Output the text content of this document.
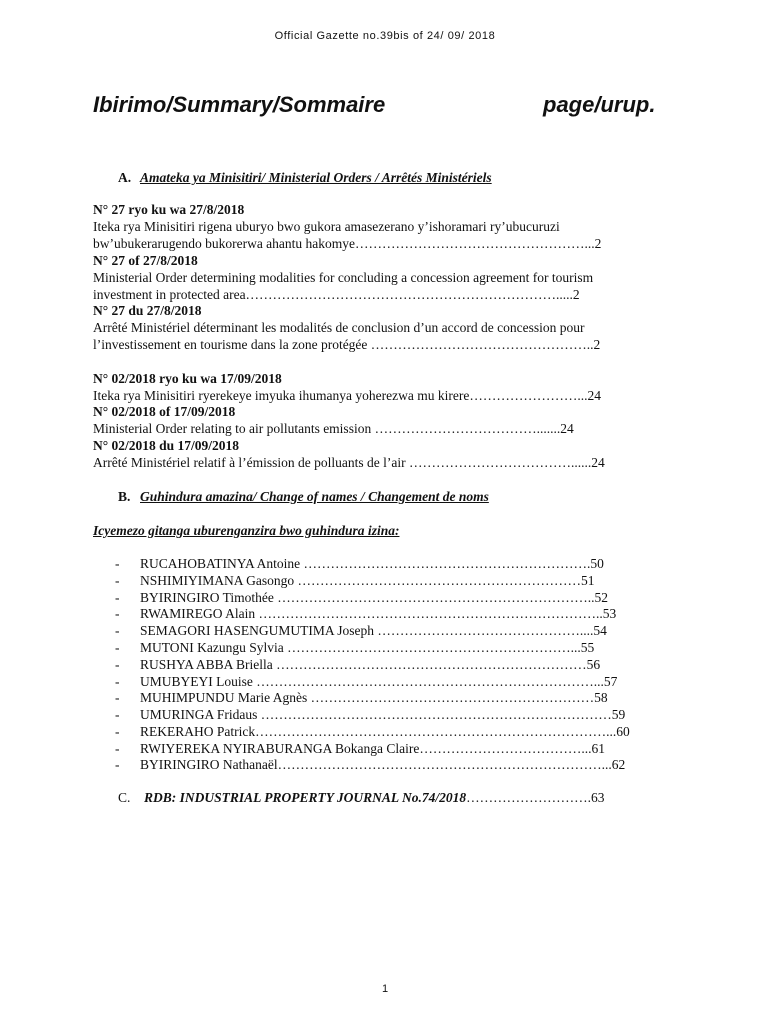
Official Gazette no.39bis of 24/ 09/ 2018
Ibirimo/Summary/Sommaire	page/urup.
A. Amateka ya Minisitiri/ Ministerial Orders / Arrêtés Ministériels
N° 27 ryo ku wa 27/8/2018
Iteka rya Minisitiri rigena uburyo bwo gukora amasezerano y’ishoramari ry’ubucuruzi
bw’ubukerarugendo bukorerwa ahantu hakomye……………………………………………...2
N° 27 of 27/8/2018
Ministerial Order determining modalities for concluding a concession agreement for tourism
investment in protected area…………………………………………………………….....2
N° 27 du 27/8/2018
Arrêté Ministériel déterminant les modalités de conclusion d’un accord de concession pour
l’investissement en tourisme dans la zone protégée …………………………………………..2
N° 02/2018 ryo ku wa 17/09/2018
Iteka rya Minisitiri ryerekeye imyuka ihumanya yoherezwa mu kirere……………………...24
N° 02/2018 of 17/09/2018
Ministerial Order relating to air pollutants emission ……………………………….......24
N° 02/2018 du 17/09/2018
Arrêté Ministériel relatif à l’émission de polluants de l’air ………………………………......24
B. Guhindura amazina/ Change of names / Changement de noms
Icyemezo gitanga uburenganzira bwo guhindura izina:
- RUCAHOBATINYA Antoine ……………………………………………………….50
- NSHIMIYIMANA Gasongo ………………………………………………………51
- BYIRINGIRO Timothée ……………………………………………………………..52
- RWAMIREGO Alain …………………………………………………………………..53
- SEMAGORI HASENGUMUTIMA Joseph ………………………………………....54
- MUTONI Kazungu Sylvia ………………………………………………………...55
- RUSHYA ABBA Briella ……………………………………………………………56
- UMUBYEYI Louise …………………………………………………………………...57
- MUHIMPUNDU Marie Agnès ………………………………………………………58
- UMURINGA Fridaus ……………………………………………………………………59
- REKERAHO Patrick……………………………………………………………………...60
- RWIYEREKA NYIRABURANGA Bokanga Claire………………………………...61
- BYIRINGIRO Nathanaël………………………………………………………………...62
C. RDB: INDUSTRIAL PROPERTY JOURNAL No.74/2018……………………….63
1
